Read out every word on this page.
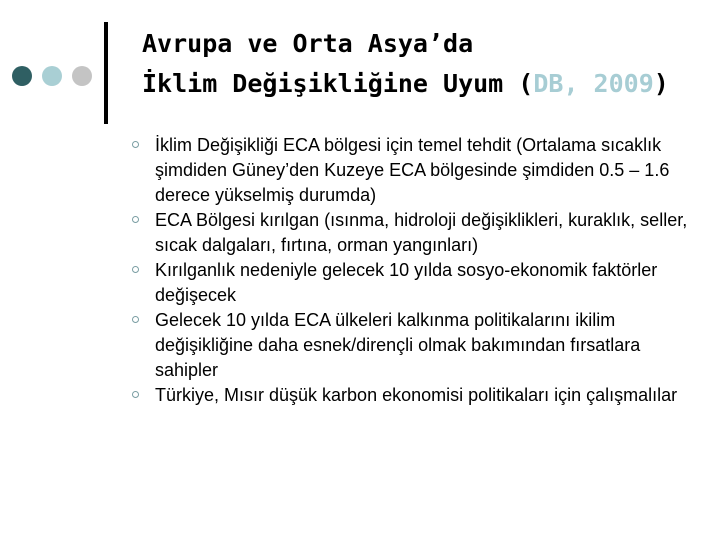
Avrupa ve Orta Asya’da
İklim Değişikliğine Uyum (DB, 2009)
İklim Değişikliği ECA bölgesi için temel tehdit (Ortalama sıcaklık şimdiden Güney’den Kuzeye ECA bölgesinde şimdiden 0.5 – 1.6 derece yükselmiş durumda)
ECA Bölgesi kırılgan (ısınma, hidroloji değişiklikleri, kuraklık, seller, sıcak dalgaları, fırtına, orman yangınları)
Kırılganlık nedeniyle gelecek 10 yılda sosyo-ekonomik faktörler değişecek
Gelecek 10 yılda ECA ülkeleri kalkınma politikalarını ikilim değişikliğine daha esnek/dirençli olmak bakımından fırsatlara sahipler
Türkiye, Mısır düşük karbon ekonomisi politikaları için çalışmalılar
